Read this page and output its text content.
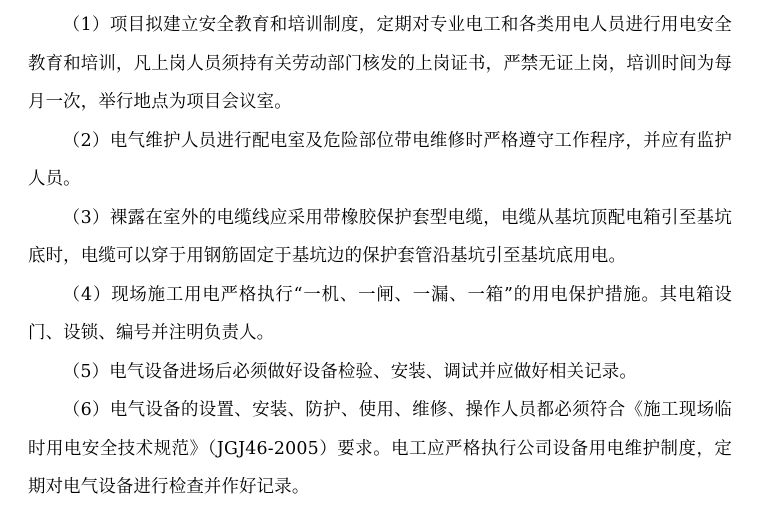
（1）项目拟建立安全教育和培训制度，定期对专业电工和各类用电人员进行用电安全教育和培训，凡上岗人员须持有关劳动部门核发的上岗证书，严禁无证上岗，培训时间为每月一次，举行地点为项目会议室。

（2）电气维护人员进行配电室及危险部位带电维修时严格遵守工作程序，并应有监护人员。

（3）裸露在室外的电缆线应采用带橡胶保护套型电缆，电缆从基坑顶配电箱引至基坑底时，电缆可以穿于用钢筋固定于基坑边的保护套管沿基坑引至基坑底用电。

（4）现场施工用电严格执行“一机、一闸、一漏、一箱”的用电保护措施。其电箱设门、设锁、编号并注明负责人。

（5）电气设备进场后必须做好设备检验、安装、调试并应做好相关记录。

（6）电气设备的设置、安装、防护、使用、维修、操作人员都必须符合《施工现场临时用电安全技术规范》（JGJ46-2005）要求。电工应严格执行公司设备用电维护制度，定期对电气设备进行检查并作好记录。
